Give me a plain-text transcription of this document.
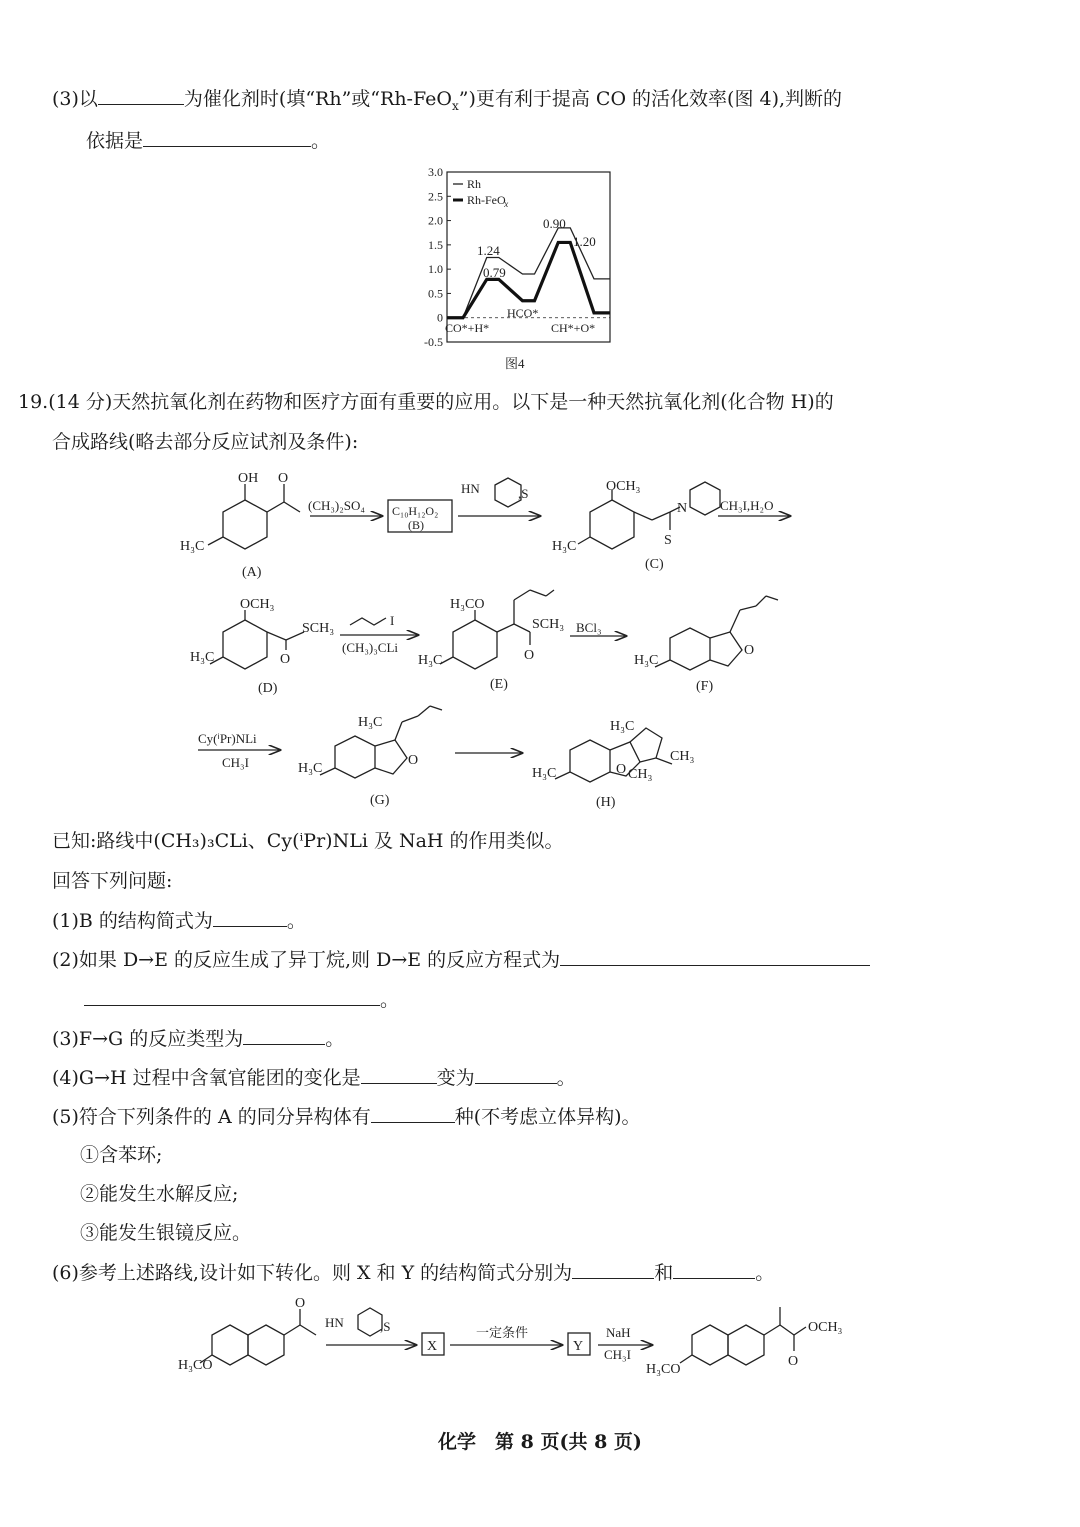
(3)以	为催化剂时(填“Rh”或“Rh-FeO$_x$”)更有利于提高 CO 的活化效率(图 4),判断的
依据是	。
3.0
2.5
2.0
1.5
1.0
0.5
0
-0.5
Rh
Rh-FeO
x
1.24
0.79
0.90
1.20
CO*+H*
HCO*
CH*+O*
图4
19.(14 分)天然抗氧化剂在药物和医疗方面有重要的应用。以下是一种天然抗氧化剂(化合物 H)的
合成路线(略去部分反应试剂及条件):
OH O
H₃C
(A)
(CH₃)₂SO₄ C₁₀H₁₂O₂
(B)
HN	,S	OCH₃
N
S
H₃C
(C)
CH₃I,H₂O
OCH₃
SCH₃
O
H₃C
(D)
I
(CH₃)₃CLi
H₃CO
SCH₃
O
H₃C
(E)
BCl₃
O
H₃C
(F)
Cy(ⁱPr)NLi
CH₃I
H₃C
O
H₃C
(G)
H₃C
CH₃
CH₃
O
H₃C
(H)
已知:路线中(CH₃)₃CLi、Cy(ⁱPr)NLi 及 NaH 的作用类似。
回答下列问题:
(1)B 的结构简式为	。
(2)如果 D→E 的反应生成了异丁烷,则 D→E 的反应方程式为
。
(3)F→G 的反应类型为	。
(4)G→H 过程中含氧官能团的变化是	变为	。
(5)符合下列条件的 A 的同分异构体有	种(不考虑立体异构)。
①含苯环;
②能发生水解反应;
③能发生银镜反应。
(6)参考上述路线,设计如下转化。则 X 和 Y 的结构简式分别为	和	。
O
H₃CO
HN	,S
X
一定条件
Y
NaH
CH₃I
OCH₃
O
H₃CO
化学　第 8 页(共 8 页)
